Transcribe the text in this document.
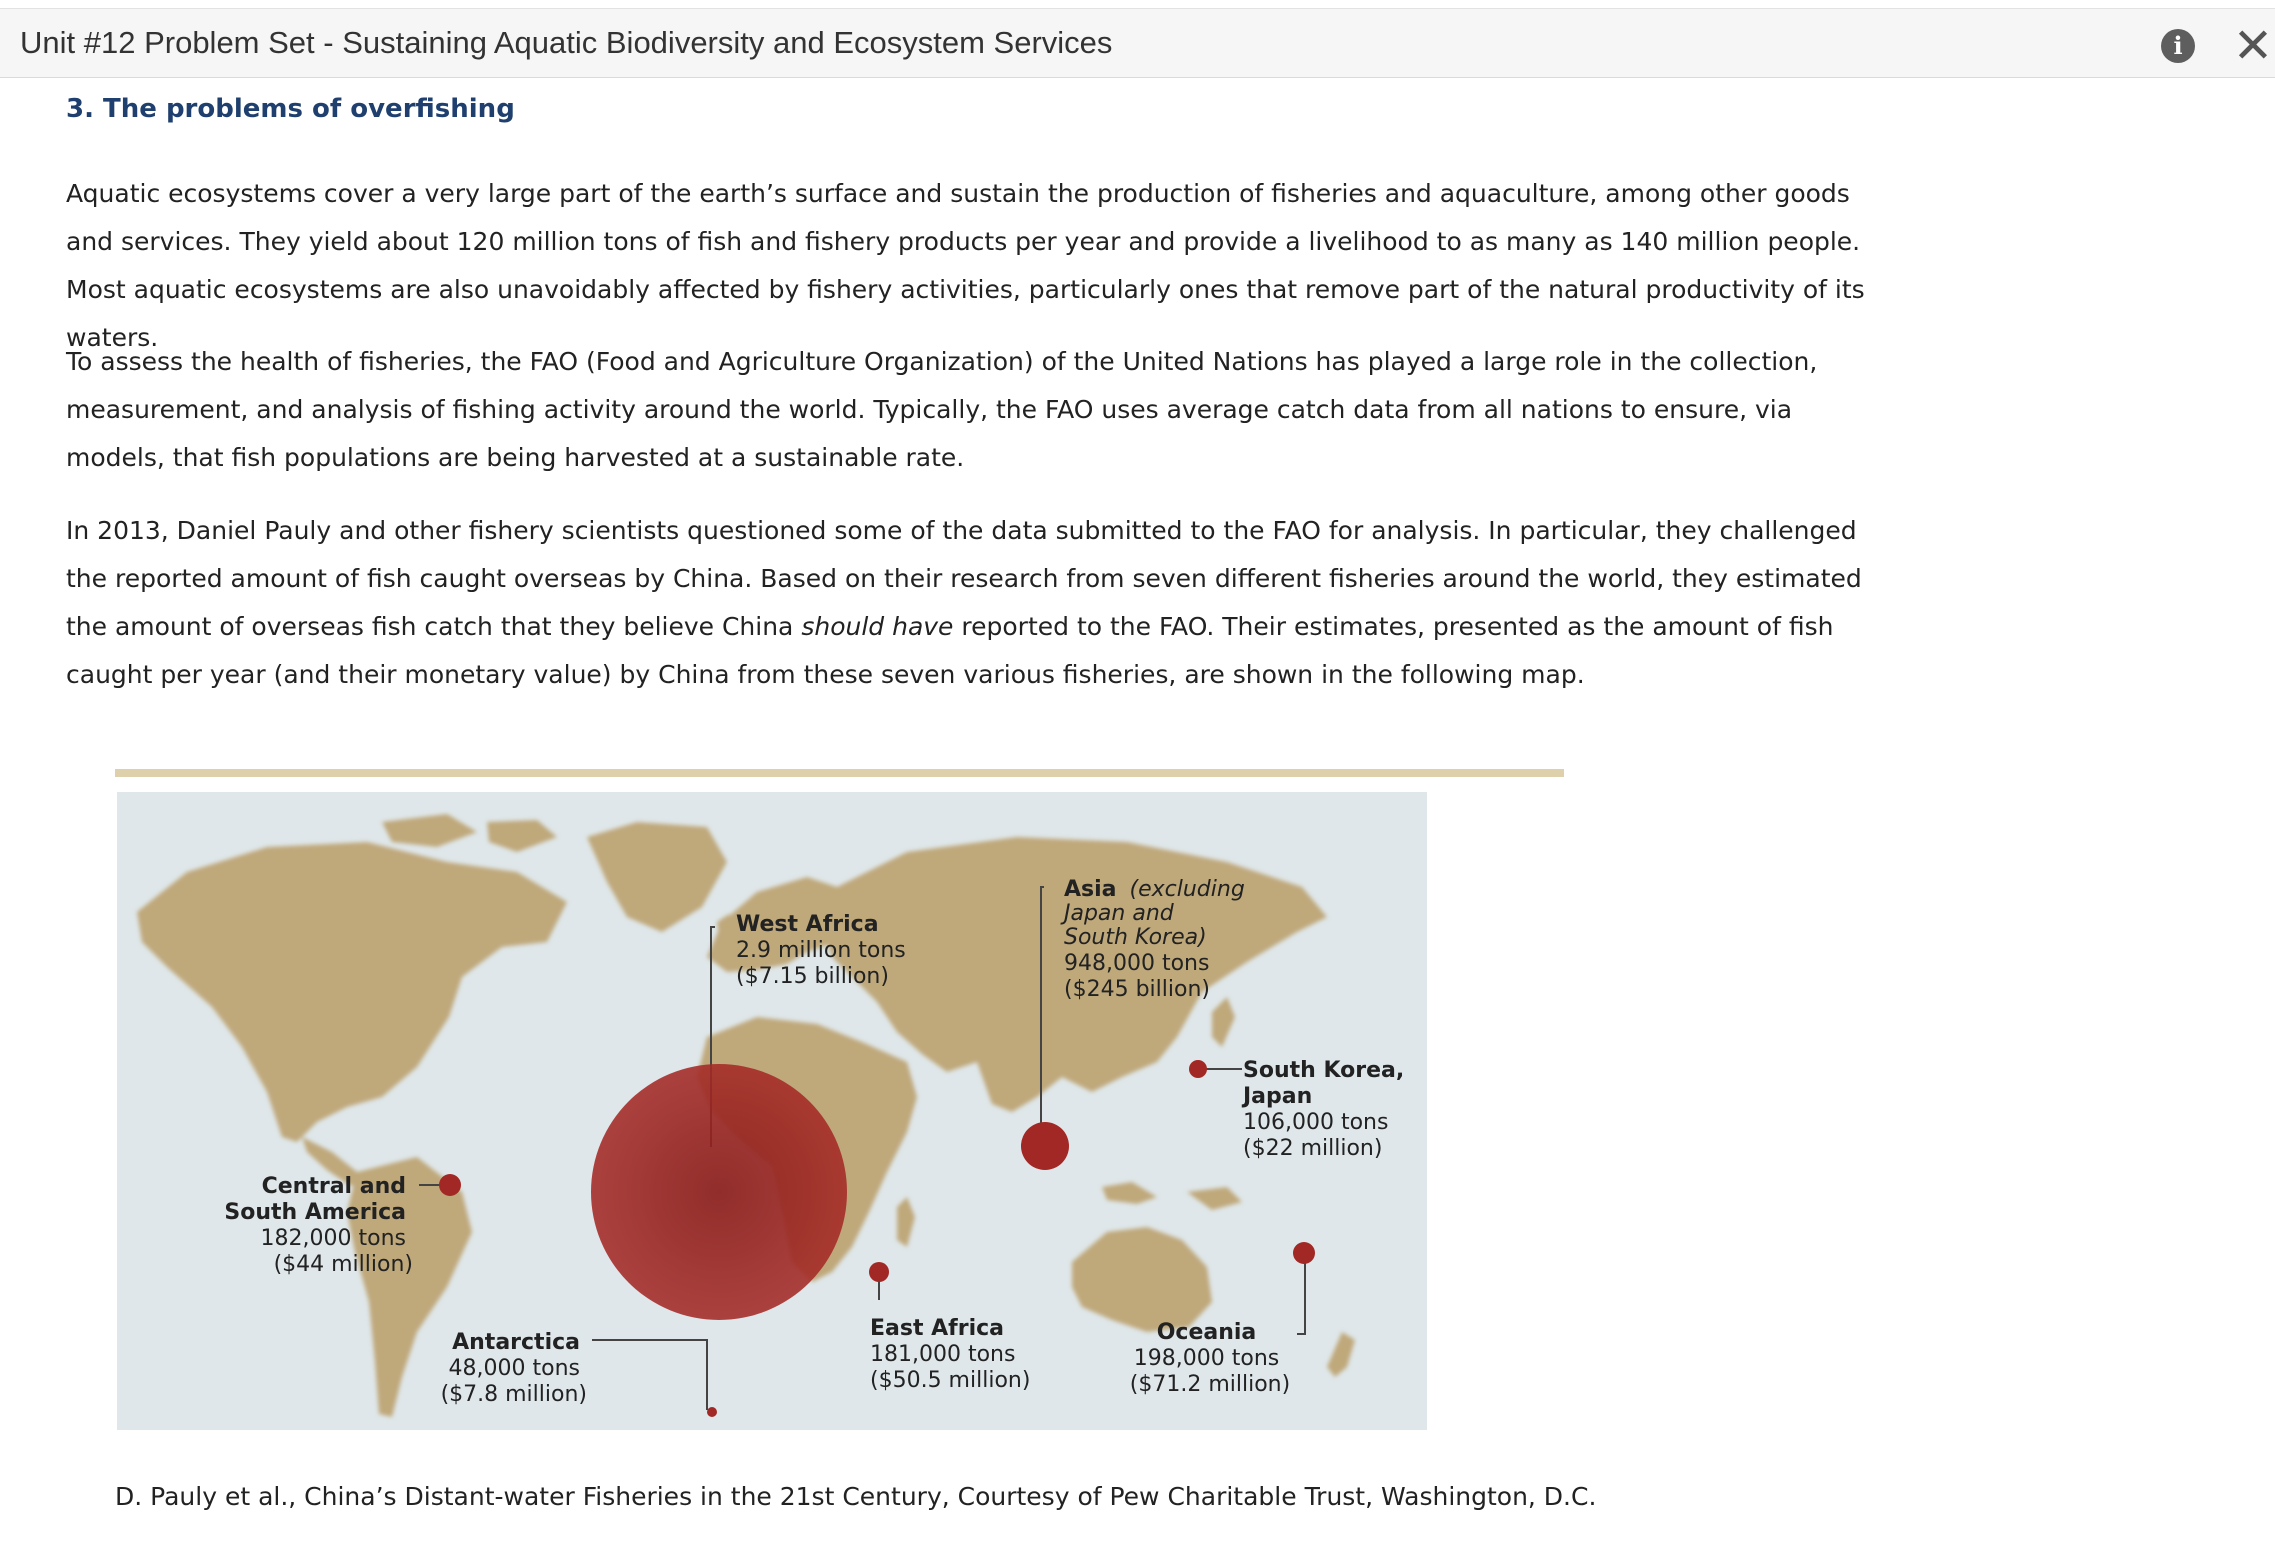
Unit #12 Problem Set - Sustaining Aquatic Biodiversity and Ecosystem Services	i ✕
3. The problems of overfishing

Aquatic ecosystems cover a very large part of the earth’s surface and sustain the production of fisheries and aquaculture, among other goods and services. They yield about 120 million tons of fish and fishery products per year and provide a livelihood to as many as 140 million people. Most aquatic ecosystems are also unavoidably affected by fishery activities, particularly ones that remove part of the natural productivity of its waters.

To assess the health of fisheries, the FAO (Food and Agriculture Organization) of the United Nations has played a large role in the collection, measurement, and analysis of fishing activity around the world. Typically, the FAO uses average catch data from all nations to ensure, via models, that fish populations are being harvested at a sustainable rate.

In 2013, Daniel Pauly and other fishery scientists questioned some of the data submitted to the FAO for analysis. In particular, they challenged the reported amount of fish caught overseas by China. Based on their research from seven different fisheries around the world, they estimated the amount of overseas fish catch that they believe China should have reported to the FAO. Their estimates, presented as the amount of fish caught per year (and their monetary value) by China from these seven various fisheries, are shown in the following map.

West Africa 2.9 million tons ($7.15 billion)
Asia (excluding Japan and South Korea) 948,000 tons ($245 billion)
South Korea, Japan 106,000 tons ($22 million)
Central and South America 182,000 tons ($44 million)
Antarctica 48,000 tons ($7.8 million)
East Africa 181,000 tons ($50.5 million)
Oceania 198,000 tons ($71.2 million)

D. Pauly et al., China’s Distant-water Fisheries in the 21st Century, Courtesy of Pew Charitable Trust, Washington, D.C.
